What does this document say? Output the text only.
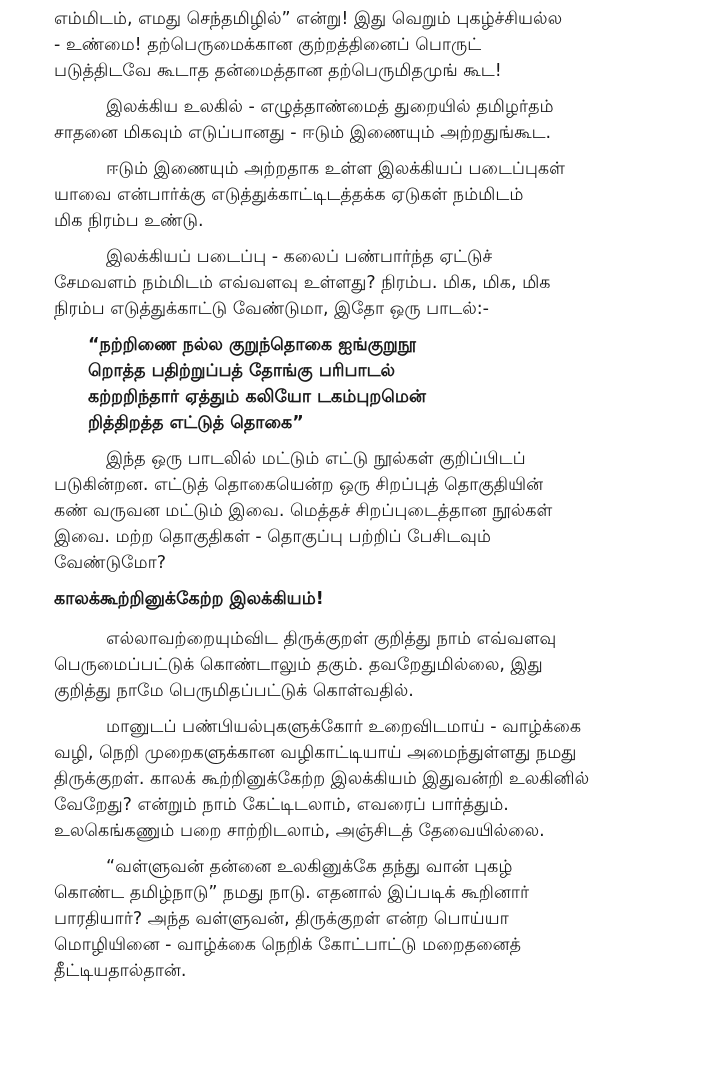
எம்மிடம், எமது செந்தமிழில்” என்று! இது வெறும் புகழ்ச்சியல்ல
- உண்மை! தற்பெருமைக்கான குற்றத்தினைப் பொருட்
படுத்திடவே கூடாத தன்மைத்தான தற்பெருமிதமுங் கூட!
இலக்கிய உலகில் - எழுத்தாண்மைத் துறையில் தமிழர்தம்
சாதனை மிகவும் எடுப்பானது - ஈடும் இணையும் அற்றதுங்கூட.
ஈடும் இணையும் அற்றதாக உள்ள இலக்கியப் படைப்புகள்
யாவை என்பார்க்கு எடுத்துக்காட்டிடத்தக்க ஏடுகள் நம்மிடம்
மிக நிரம்ப உண்டு.
இலக்கியப் படைப்பு - கலைப் பண்பார்ந்த ஏட்டுச்
சேமவளம் நம்மிடம் எவ்வளவு உள்ளது? நிரம்ப. மிக, மிக, மிக
நிரம்ப எடுத்துக்காட்டு வேண்டுமா, இதோ ஒரு பாடல்:-
“நற்றிணை நல்ல குறுந்தொகை ஐங்குறுநூ
றொத்த பதிற்றுப்பத் தோங்கு பரிபாடல்
கற்றறிந்தார் ஏத்தும் கலியோ டகம்புறமென்
றித்திறத்த எட்டுத் தொகை”
இந்த ஒரு பாடலில் மட்டும் எட்டு நூல்கள் குறிப்பிடப்
படுகின்றன. எட்டுத் தொகையென்ற ஒரு சிறப்புத் தொகுதியின்
கண் வருவன மட்டும் இவை. மெத்தச் சிறப்புடைத்தான நூல்கள்
இவை. மற்ற தொகுதிகள் - தொகுப்பு பற்றிப் பேசிடவும்
வேண்டுமோ?
காலக்கூற்றினுக்கேற்ற இலக்கியம்!
எல்லாவற்றையும்விட திருக்குறள் குறித்து நாம் எவ்வளவு
பெருமைப்பட்டுக் கொண்டாலும் தகும். தவறேதுமில்லை, இது
குறித்து நாமே பெருமிதப்பட்டுக் கொள்வதில்.
மானுடப் பண்பியல்புகளுக்கோர் உறைவிடமாய் - வாழ்க்கை
வழி, நெறி முறைகளுக்கான வழிகாட்டியாய் அமைந்துள்ளது நமது
திருக்குறள். காலக் கூற்றினுக்கேற்ற இலக்கியம் இதுவன்றி உலகினில்
வேறேது? என்றும் நாம் கேட்டிடலாம், எவரைப் பார்த்தும்.
உலகெங்கணும் பறை சாற்றிடலாம், அஞ்சிடத் தேவையில்லை.
“வள்ளுவன் தன்னை உலகினுக்கே தந்து வான் புகழ்
கொண்ட தமிழ்நாடு” நமது நாடு. எதனால் இப்படிக் கூறினார்
பாரதியார்? அந்த வள்ளுவன், திருக்குறள் என்ற பொய்யா
மொழியினை - வாழ்க்கை நெறிக் கோட்பாட்டு மறைதனைத்
தீட்டியதால்தான்.
